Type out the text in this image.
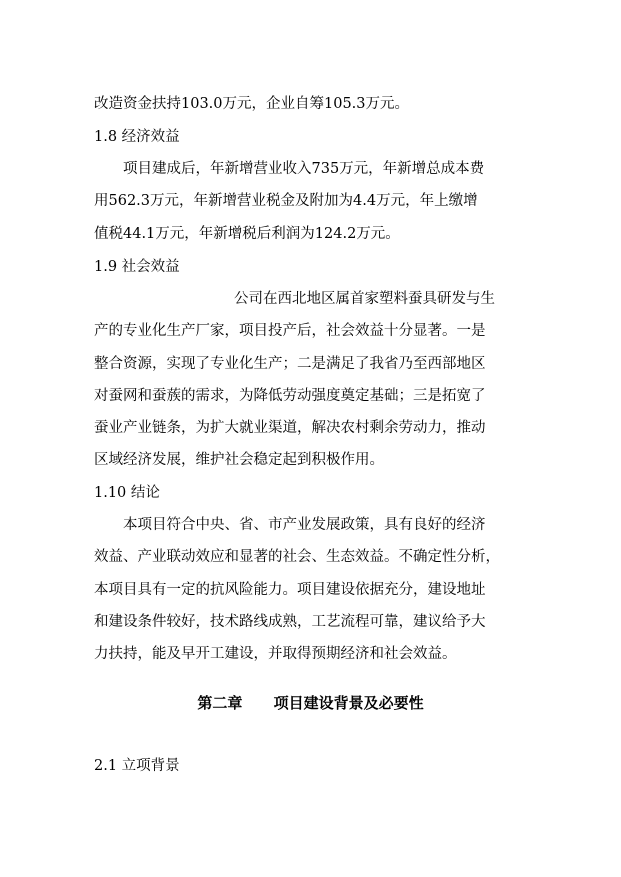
改造资金扶持103.0万元，企业自筹105.3万元。
1.8 经济效益
项目建成后，年新增营业收入735万元，年新增总成本费
用562.3万元，年新增营业税金及附加为4.4万元，年上缴增
值税44.1万元，年新增税后利润为124.2万元。
1.9 社会效益
公司在西北地区属首家塑料蚕具研发与生
产的专业化生产厂家，项目投产后，社会效益十分显著。一是
整合资源，实现了专业化生产；二是满足了我省乃至西部地区
对蚕网和蚕蔟的需求，为降低劳动强度奠定基础；三是拓宽了
蚕业产业链条，为扩大就业渠道，解决农村剩余劳动力，推动
区域经济发展，维护社会稳定起到积极作用。
1.10 结论
本项目符合中央、省、市产业发展政策，具有良好的经济
效益、产业联动效应和显著的社会、生态效益。不确定性分析，
本项目具有一定的抗风险能力。项目建设依据充分，建设地址
和建设条件较好，技术路线成熟，工艺流程可靠，建议给予大
力扶持，能及早开工建设，并取得预期经济和社会效益。
第二章      项目建设背景及必要性
2.1 立项背景
